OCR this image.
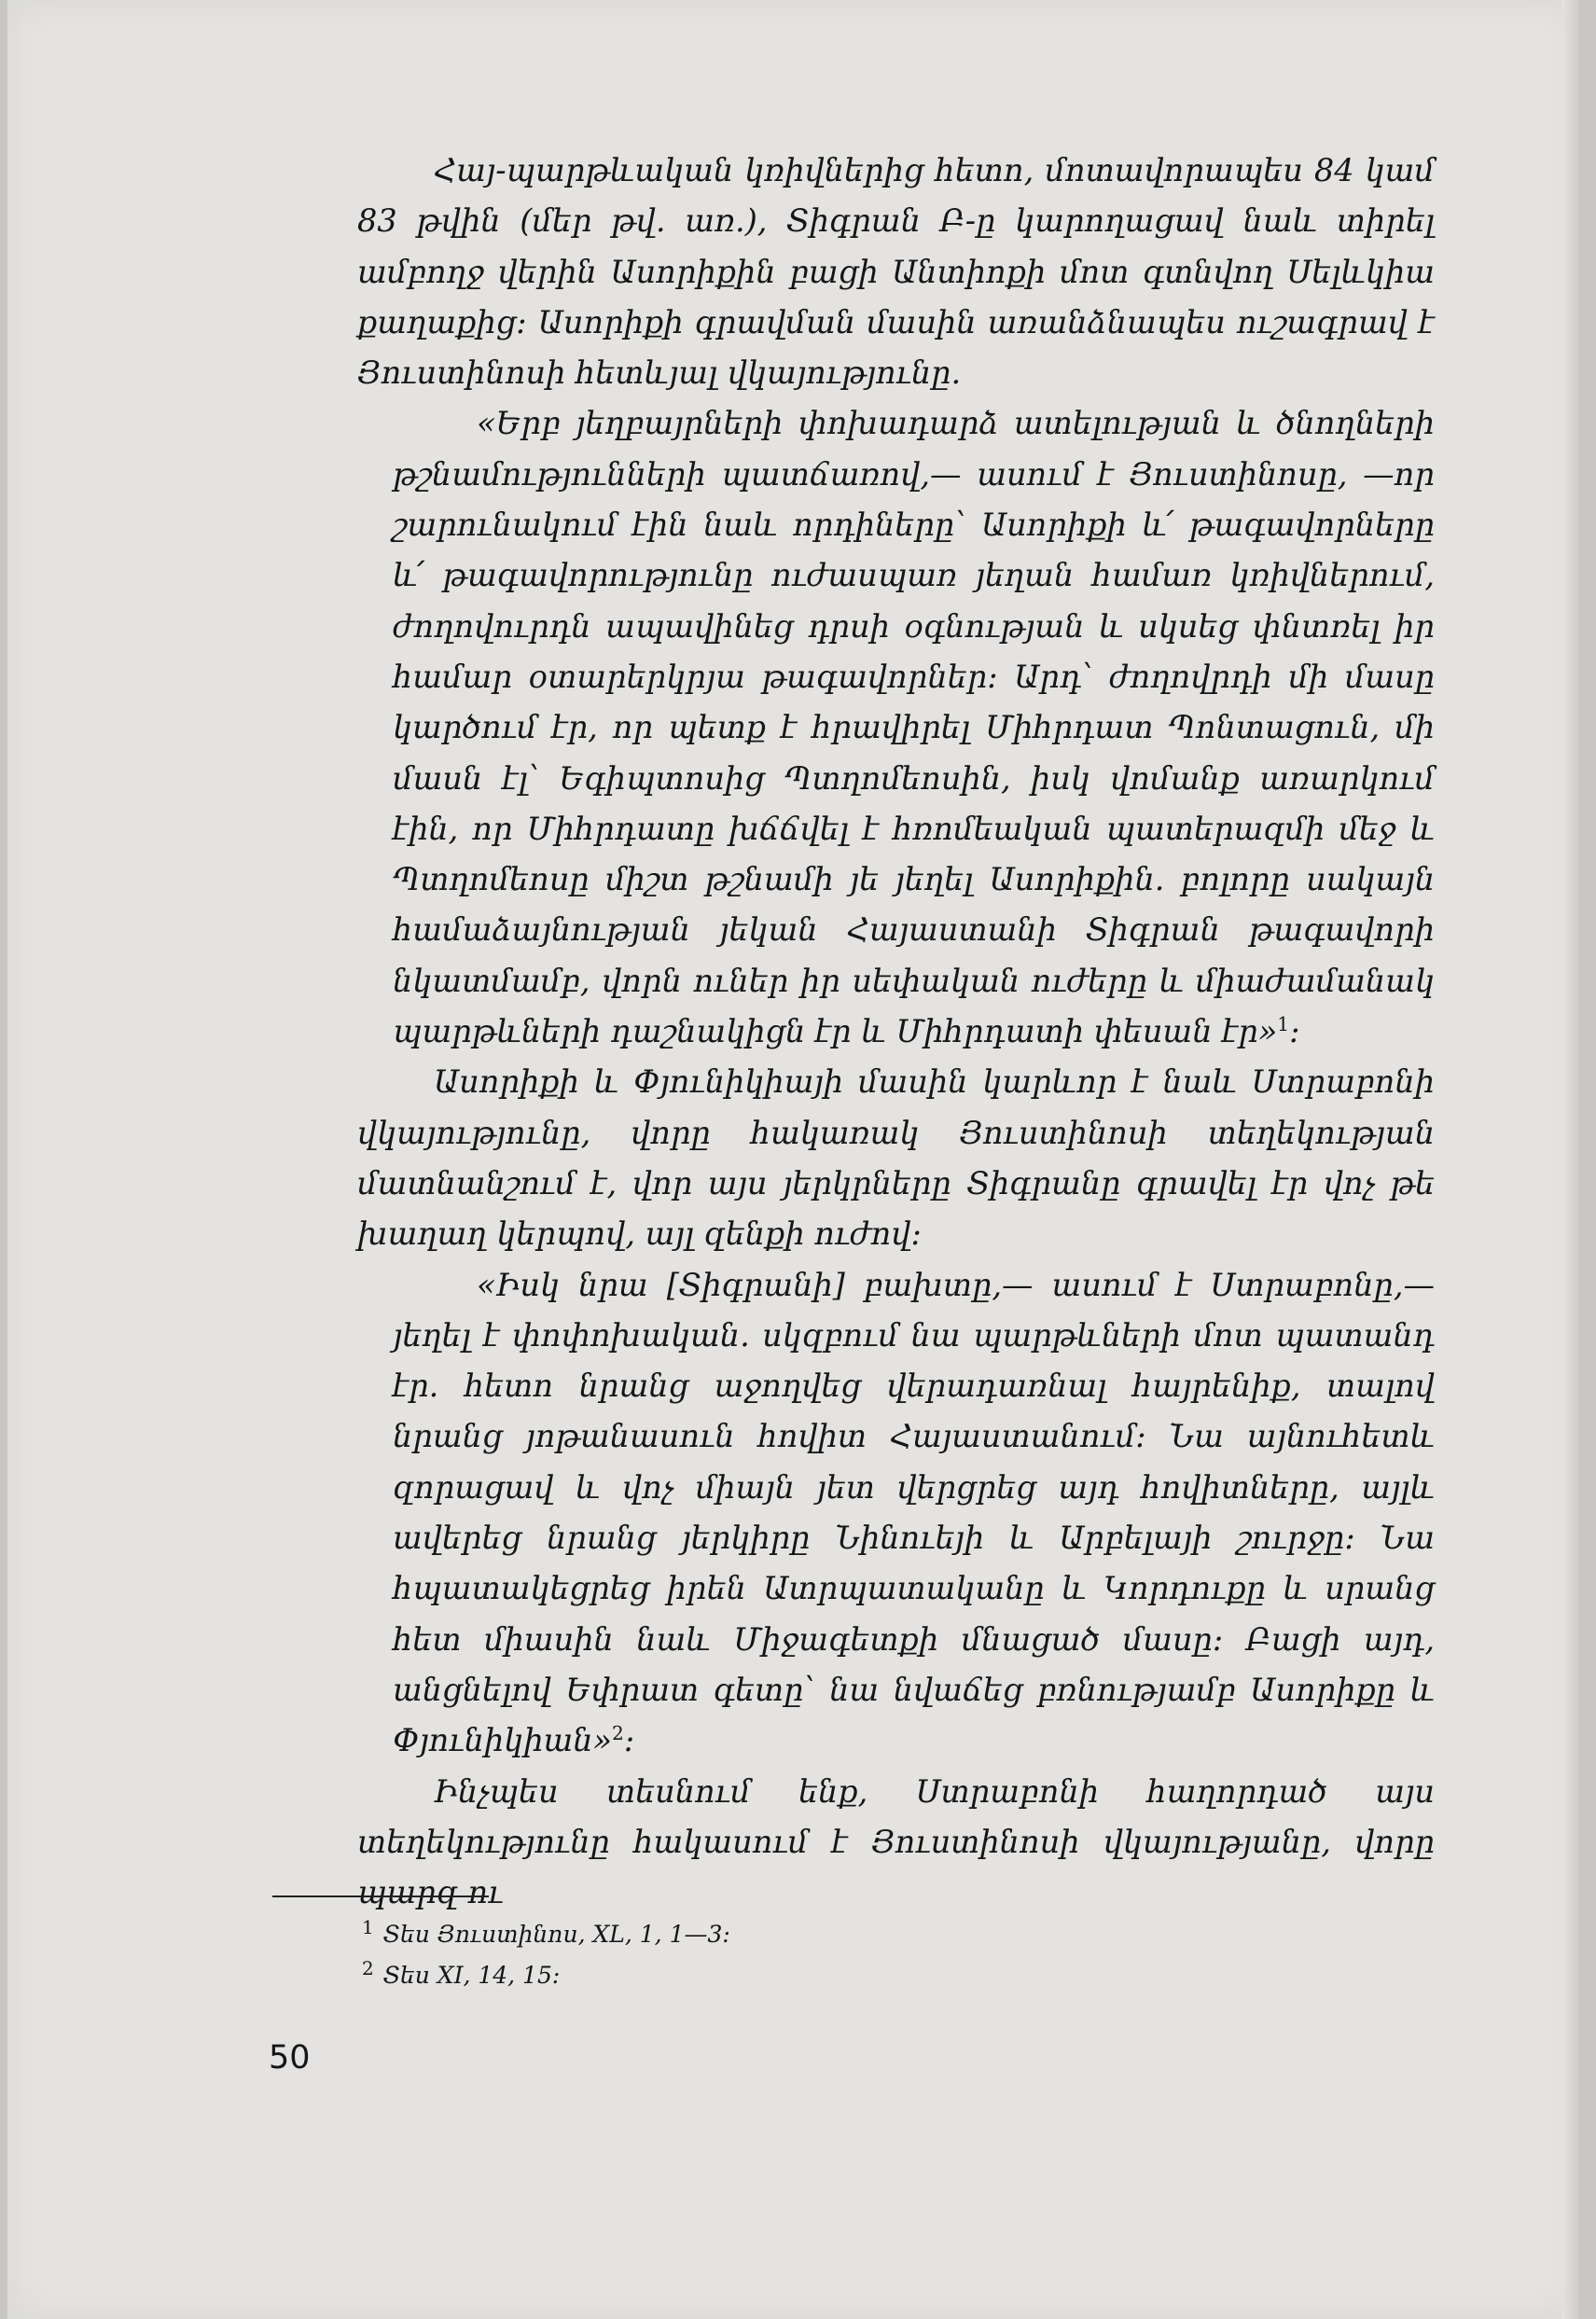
Հայ-պարթևական կռիվներից հետո, մոտավորապես 84 կամ 83 թվին (մեր թվ. առ.), Տիգրան Բ-ը կարողացավ նաև տիրել ամբողջ վերին Ասորիքին բացի Անտիոքի մոտ գտնվող Սելևկիա քաղաքից։ Ասորիքի գրավման մասին առանձնապես ուշագրավ է Յուստինոսի հետևյալ վկայությունը.

«Երբ յեղբայրների փոխադարձ ատելության և ծնողների թշնամությունների պատճառով,— ասում է Յուստինոսը, —որ շարունակում էին նաև որդիները՝ Ասորիքի և՛ թագավորները և՛ թագավորությունը ուժասպառ յեղան համառ կռիվներում, ժողովուրդն ապավինեց դրսի օգնության և սկսեց փնտռել իր համար օտարերկրյա թագավորներ։ Արդ՝ ժողովրդի մի մասը կարծում էր, որ պետք է հրավիրել Միհրդատ Պոնտացուն, մի մասն էլ՝ Եգիպտոսից Պտղոմեոսին, իսկ վոմանք առարկում էին, որ Միհրդատը խճճվել է հռոմեական պատերազմի մեջ և Պտղոմեոսը միշտ թշնամի յե յեղել Ասորիքին. բոլորը սակայն համաձայնության յեկան Հայաստանի Տիգրան թագավորի նկատմամբ, վորն ուներ իր սեփական ուժերը և միաժամանակ պարթևների դաշնակիցն էր և Միհրդատի փեսան էր»$^1$։

Ասորիքի և Փյունիկիայի մասին կարևոր է նաև Ստրաբոնի վկայությունը, վորը հակառակ Յուստինոսի տեղեկության մատնանշում է, վոր այս յերկրները Տիգրանը գրավել էր վոչ թե խաղաղ կերպով, այլ զենքի ուժով։

«Իսկ նրա [Տիգրանի] բախտը,— ասում է Ստրաբոնը,— յեղել է փոփոխական. սկզբում նա պարթևների մոտ պատանդ էր. հետո նրանց աջողվեց վերադառնալ հայրենիք, տալով նրանց յոթանասուն հովիտ Հայաստանում։ Նա այնուհետև զորացավ և վոչ միայն յետ վերցրեց այդ հովիտները, այլև ավերեց նրանց յերկիրը Նինուեյի և Արբելայի շուրջը։ Նա հպատակեցրեց իրեն Ատրպատականը և Կորդուքը և սրանց հետ միասին նաև Միջագետքի մնացած մասը։ Բացի այդ, անցնելով Եփրատ գետը՝ նա նվաճեց բռնությամբ Ասորիքը և Փյունիկիան»$^2$։

Ինչպես տեսնում ենք, Ստրաբոնի հաղորդած այս տեղեկությունը հակասում է Յուստինոսի վկայությանը, վորը պարզ ու

$^1$ Տես Յուստինոս, XL, 1, 1—3։
$^2$ Տես XI, 14, 15։
50
